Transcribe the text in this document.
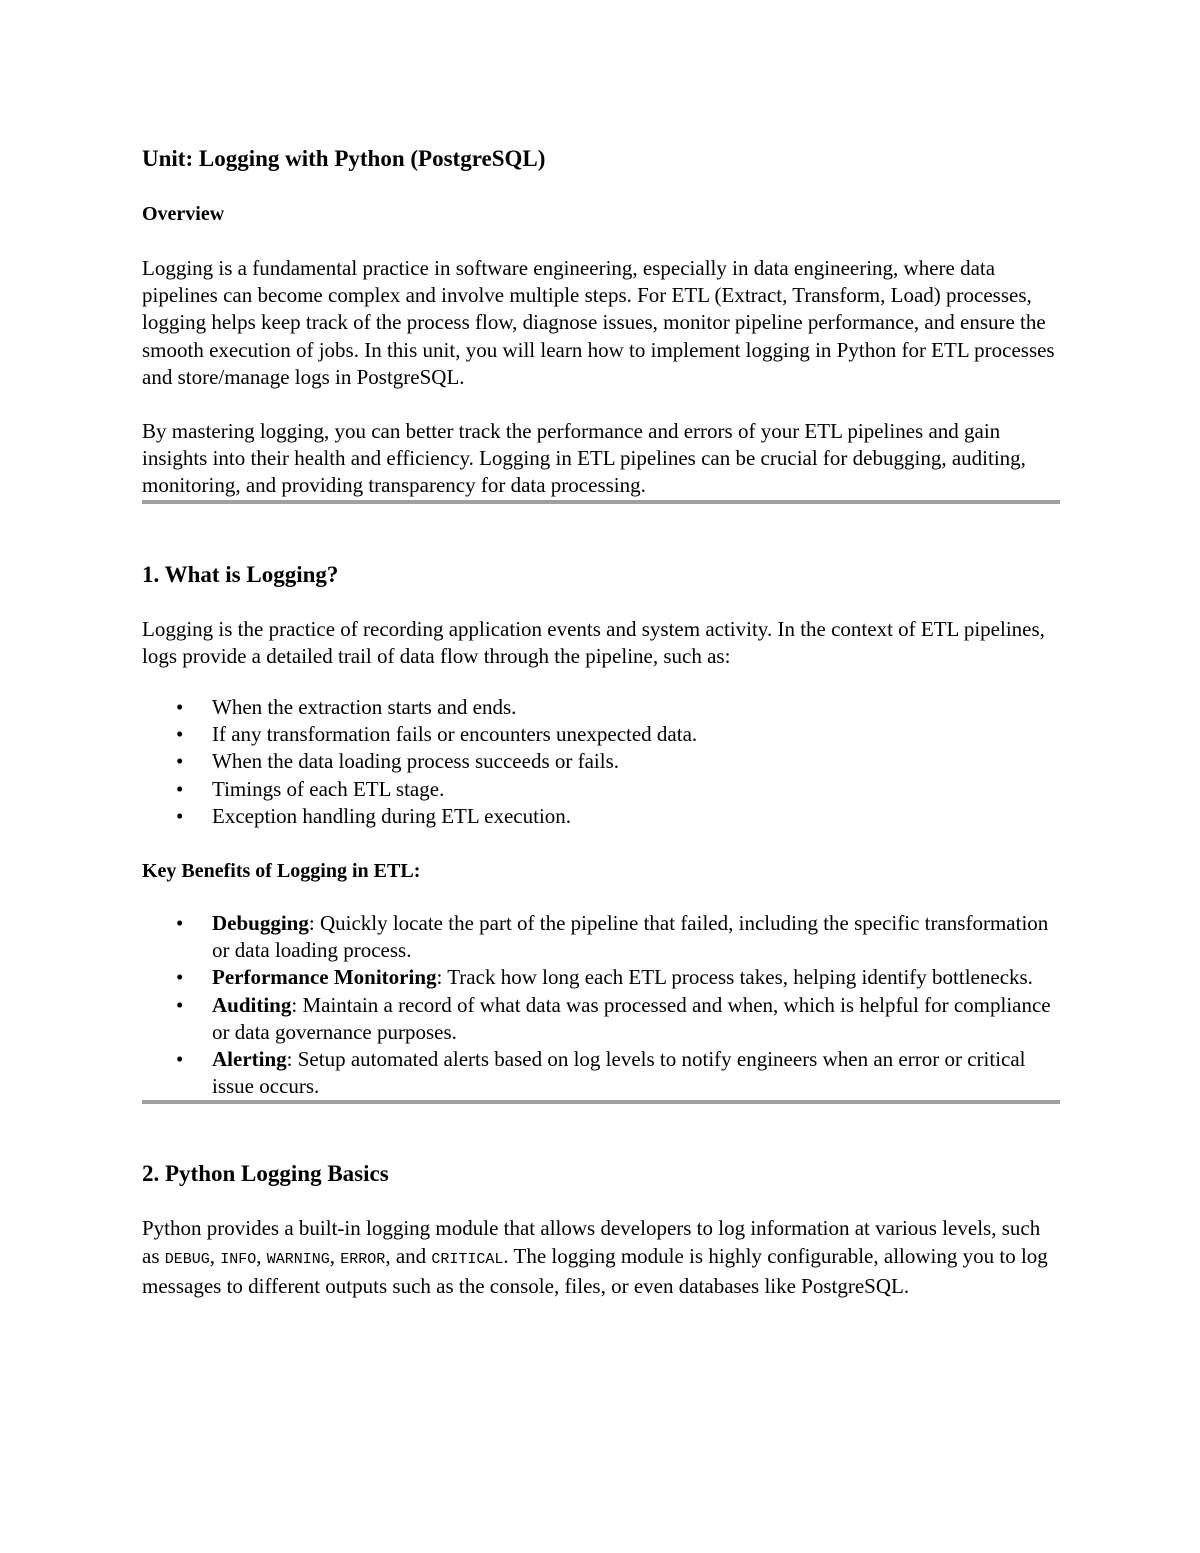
Unit: Logging with Python (PostgreSQL)
Overview

Logging is a fundamental practice in software engineering, especially in data engineering, where data pipelines can become complex and involve multiple steps. For ETL (Extract, Transform, Load) processes, logging helps keep track of the process flow, diagnose issues, monitor pipeline performance, and ensure the smooth execution of jobs. In this unit, you will learn how to implement logging in Python for ETL processes and store/manage logs in PostgreSQL.

By mastering logging, you can better track the performance and errors of your ETL pipelines and gain insights into their health and efficiency. Logging in ETL pipelines can be crucial for debugging, auditing, monitoring, and providing transparency for data processing.

1. What is Logging?

Logging is the practice of recording application events and system activity. In the context of ETL pipelines, logs provide a detailed trail of data flow through the pipeline, such as:

• When the extraction starts and ends.
• If any transformation fails or encounters unexpected data.
• When the data loading process succeeds or fails.
• Timings of each ETL stage.
• Exception handling during ETL execution.
Key Benefits of Logging in ETL:
• Debugging: Quickly locate the part of the pipeline that failed, including the specific transformation or data loading process.
• Performance Monitoring: Track how long each ETL process takes, helping identify bottlenecks.
• Auditing: Maintain a record of what data was processed and when, which is helpful for compliance or data governance purposes.
• Alerting: Setup automated alerts based on log levels to notify engineers when an error or critical issue occurs.
2. Python Logging Basics

Python provides a built-in logging module that allows developers to log information at various levels, such as DEBUG, INFO, WARNING, ERROR, and CRITICAL. The logging module is highly configurable, allowing you to log messages to different outputs such as the console, files, or even databases like PostgreSQL.
